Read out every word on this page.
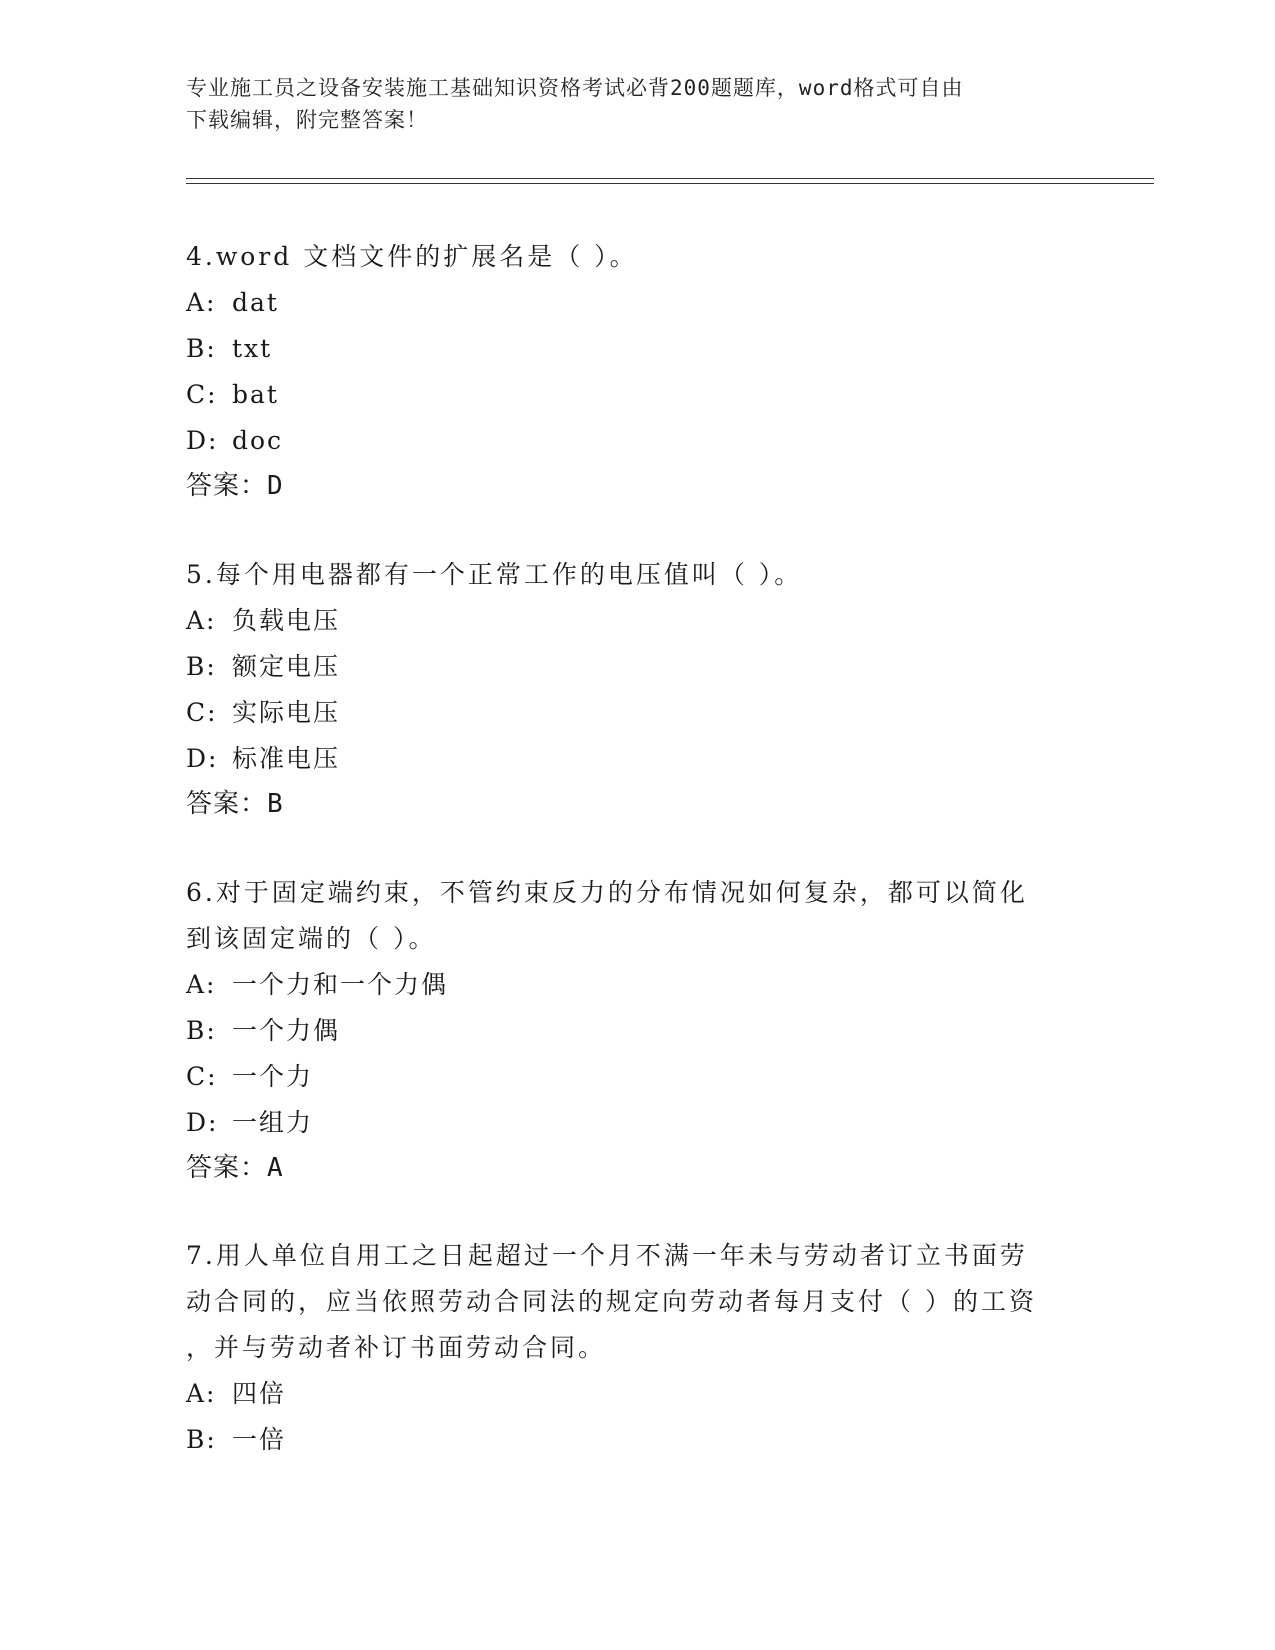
专业施工员之设备安装施工基础知识资格考试必背200题题库，word格式可自由
下载编辑，附完整答案！

4.word 文档文件的扩展名是（ ）。

A: dat

B: txt

C: bat

D: doc

答案：D

5.每个用电器都有一个正常工作的电压值叫（ ）。

A: 负载电压

B: 额定电压

C: 实际电压

D: 标准电压

答案：B

6.对于固定端约束，不管约束反力的分布情况如何复杂，都可以简化

到该固定端的（ ）。

A: 一个力和一个力偶

B: 一个力偶

C: 一个力

D: 一组力

答案：A

7.用人单位自用工之日起超过一个月不满一年未与劳动者订立书面劳

动合同的，应当依照劳动合同法的规定向劳动者每月支付（ ）的工资

，并与劳动者补订书面劳动合同。

A: 四倍

B: 一倍
